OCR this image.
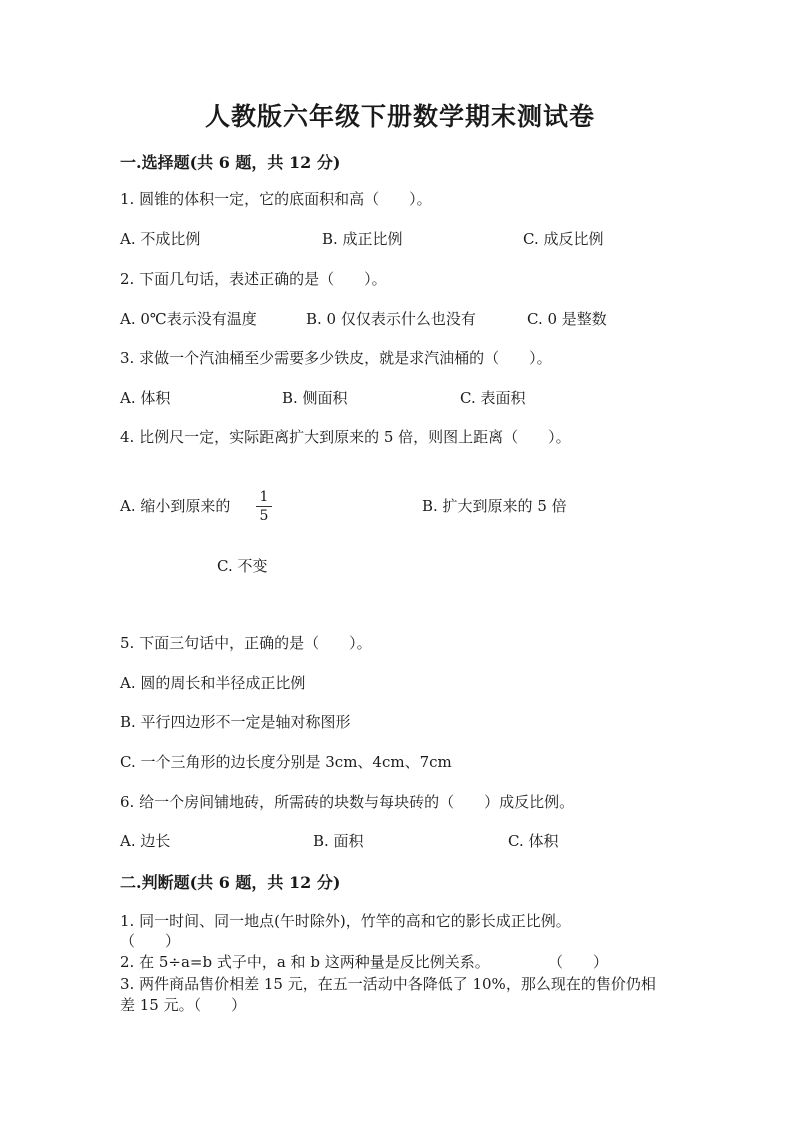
人教版六年级下册数学期末测试卷
一.选择题(共 6 题，共 12 分)
1. 圆锥的体积一定，它的底面积和高（　　）。
A. 不成比例	B. 成正比例	C. 成反比例
2. 下面几句话，表述正确的是（　　）。
A. 0℃表示没有温度	B. 0 仅仅表示什么也没有	C. 0 是整数
3. 求做一个汽油桶至少需要多少铁皮，就是求汽油桶的（　　）。
A. 体积	B. 侧面积	C. 表面积
4. 比例尺一定，实际距离扩大到原来的 5 倍，则图上距离（　　）。
A. 缩小到原来的 1
5
B. 扩大到原来的 5 倍
C. 不变
5. 下面三句话中，正确的是（　　）。
A. 圆的周长和半径成正比例
B. 平行四边形不一定是轴对称图形
C. 一个三角形的边长度分别是 3cm、4cm、7cm
6. 给一个房间铺地砖，所需砖的块数与每块砖的（　　）成反比例。
A. 边长	B. 面积	C. 体积
二.判断题(共 6 题，共 12 分)
1. 同一时间、同一地点(午时除外)，竹竿的高和它的影长成正比例。
（　　）
2. 在 5÷a=b 式子中，a 和 b 这两种量是反比例关系。	（　　）
3. 两件商品售价相差 15 元，在五一活动中各降低了 10%，那么现在的售价仍相
差 15 元。（　　）
